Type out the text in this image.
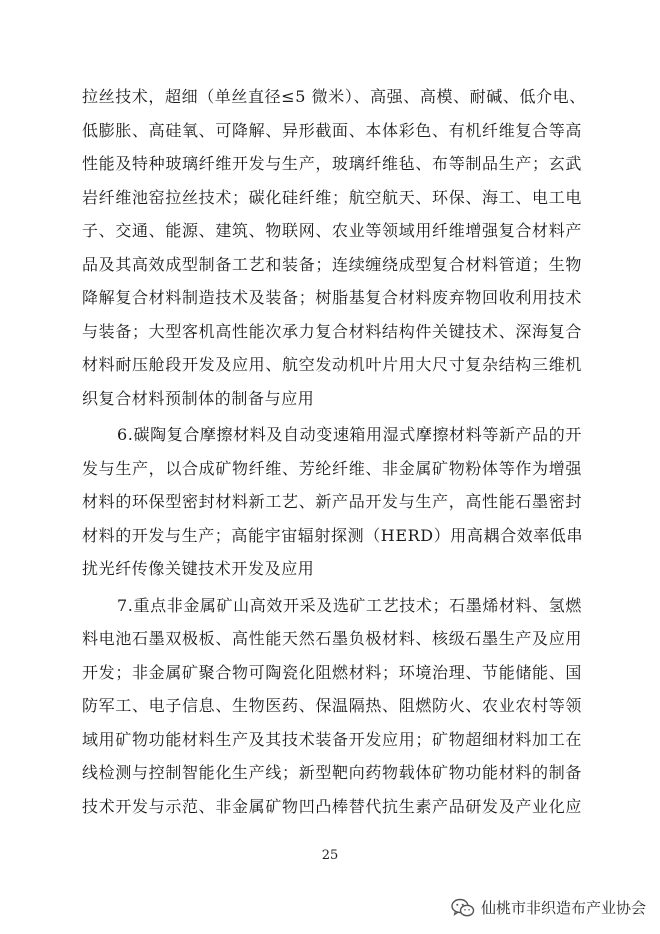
拉丝技术，超细（单丝直径≤5 微米）、高强、高模、耐碱、低介电、
低膨胀、高硅氧、可降解、异形截面、本体彩色、有机纤维复合等高
性能及特种玻璃纤维开发与生产，玻璃纤维毡、布等制品生产；玄武
岩纤维池窑拉丝技术；碳化硅纤维；航空航天、环保、海工、电工电
子、交通、能源、建筑、物联网、农业等领域用纤维增强复合材料产
品及其高效成型制备工艺和装备；连续缠绕成型复合材料管道；生物
降解复合材料制造技术及装备；树脂基复合材料废弃物回收利用技术
与装备；大型客机高性能次承力复合材料结构件关键技术、深海复合
材料耐压舱段开发及应用、航空发动机叶片用大尺寸复杂结构三维机
织复合材料预制体的制备与应用

6.碳陶复合摩擦材料及自动变速箱用湿式摩擦材料等新产品的开
发与生产，以合成矿物纤维、芳纶纤维、非金属矿物粉体等作为增强
材料的环保型密封材料新工艺、新产品开发与生产，高性能石墨密封
材料的开发与生产；高能宇宙辐射探测（HERD）用高耦合效率低串
扰光纤传像关键技术开发及应用

7.重点非金属矿山高效开采及选矿工艺技术；石墨烯材料、氢燃
料电池石墨双极板、高性能天然石墨负极材料、核级石墨生产及应用
开发；非金属矿聚合物可陶瓷化阻燃材料；环境治理、节能储能、国
防军工、电子信息、生物医药、保温隔热、阻燃防火、农业农村等领
域用矿物功能材料生产及其技术装备开发应用；矿物超细材料加工在
线检测与控制智能化生产线；新型靶向药物载体矿物功能材料的制备
技术开发与示范、非金属矿物凹凸棒替代抗生素产品研发及产业化应

25
仙桃市非织造布产业协会
